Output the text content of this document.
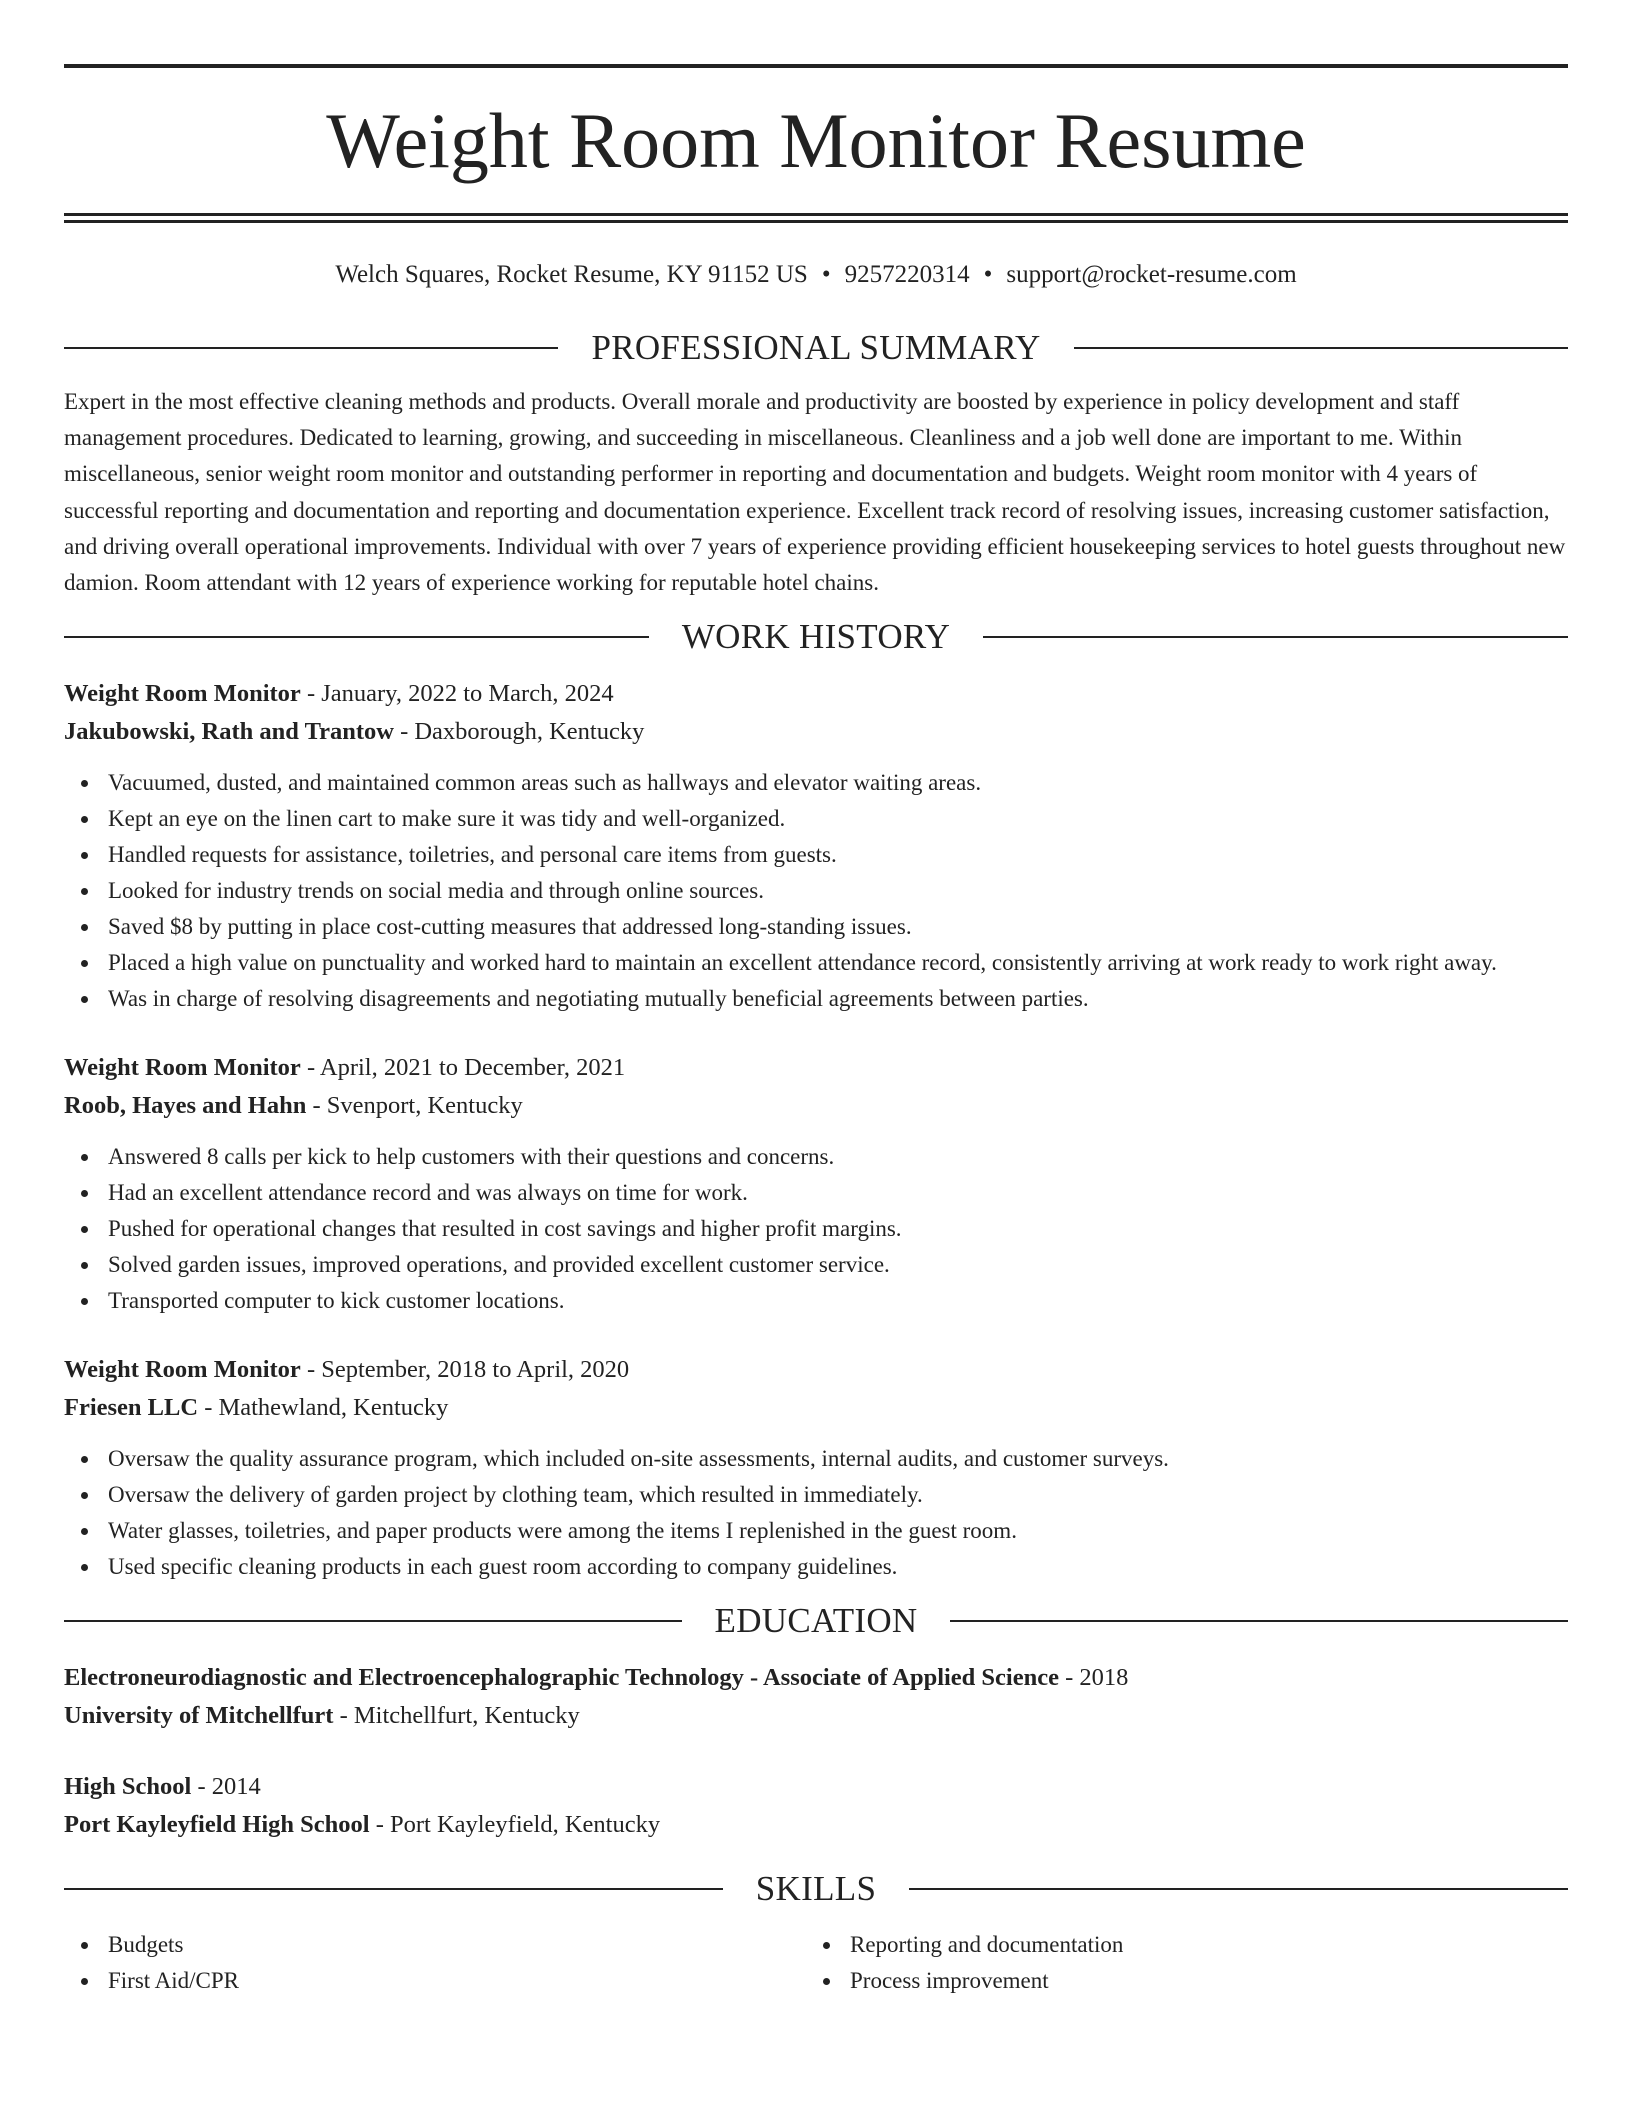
Weight Room Monitor Resume
Welch Squares, Rocket Resume, KY 91152 US • 9257220314 • support@rocket-resume.com
PROFESSIONAL SUMMARY

Expert in the most effective cleaning methods and products. Overall morale and productivity are boosted by experience in policy development and staff management procedures. Dedicated to learning, growing, and succeeding in miscellaneous. Cleanliness and a job well done are important to me. Within miscellaneous, senior weight room monitor and outstanding performer in reporting and documentation and budgets. Weight room monitor with 4 years of successful reporting and documentation and reporting and documentation experience. Excellent track record of resolving issues, increasing customer satisfaction, and driving overall operational improvements. Individual with over 7 years of experience providing efficient housekeeping services to hotel guests throughout new damion. Room attendant with 12 years of experience working for reputable hotel chains.

WORK HISTORY

Weight Room Monitor - January, 2022 to March, 2024

Jakubowski, Rath and Trantow - Daxborough, Kentucky

Vacuumed, dusted, and maintained common areas such as hallways and elevator waiting areas.
Kept an eye on the linen cart to make sure it was tidy and well-organized.
Handled requests for assistance, toiletries, and personal care items from guests.
Looked for industry trends on social media and through online sources.
Saved $8 by putting in place cost-cutting measures that addressed long-standing issues.
Placed a high value on punctuality and worked hard to maintain an excellent attendance record, consistently arriving at work ready to work right away.
Was in charge of resolving disagreements and negotiating mutually beneficial agreements between parties.

Weight Room Monitor - April, 2021 to December, 2021

Roob, Hayes and Hahn - Svenport, Kentucky

Answered 8 calls per kick to help customers with their questions and concerns.
Had an excellent attendance record and was always on time for work.
Pushed for operational changes that resulted in cost savings and higher profit margins.
Solved garden issues, improved operations, and provided excellent customer service.
Transported computer to kick customer locations.

Weight Room Monitor - September, 2018 to April, 2020

Friesen LLC - Mathewland, Kentucky

Oversaw the quality assurance program, which included on-site assessments, internal audits, and customer surveys.
Oversaw the delivery of garden project by clothing team, which resulted in immediately.
Water glasses, toiletries, and paper products were among the items I replenished in the guest room.
Used specific cleaning products in each guest room according to company guidelines.
EDUCATION

Electroneurodiagnostic and Electroencephalographic Technology - Associate of Applied Science - 2018

University of Mitchellfurt - Mitchellfurt, Kentucky

High School - 2014

Port Kayleyfield High School - Port Kayleyfield, Kentucky

SKILLS
Budgets
First Aid/CPR
Reporting and documentation
Process improvement
